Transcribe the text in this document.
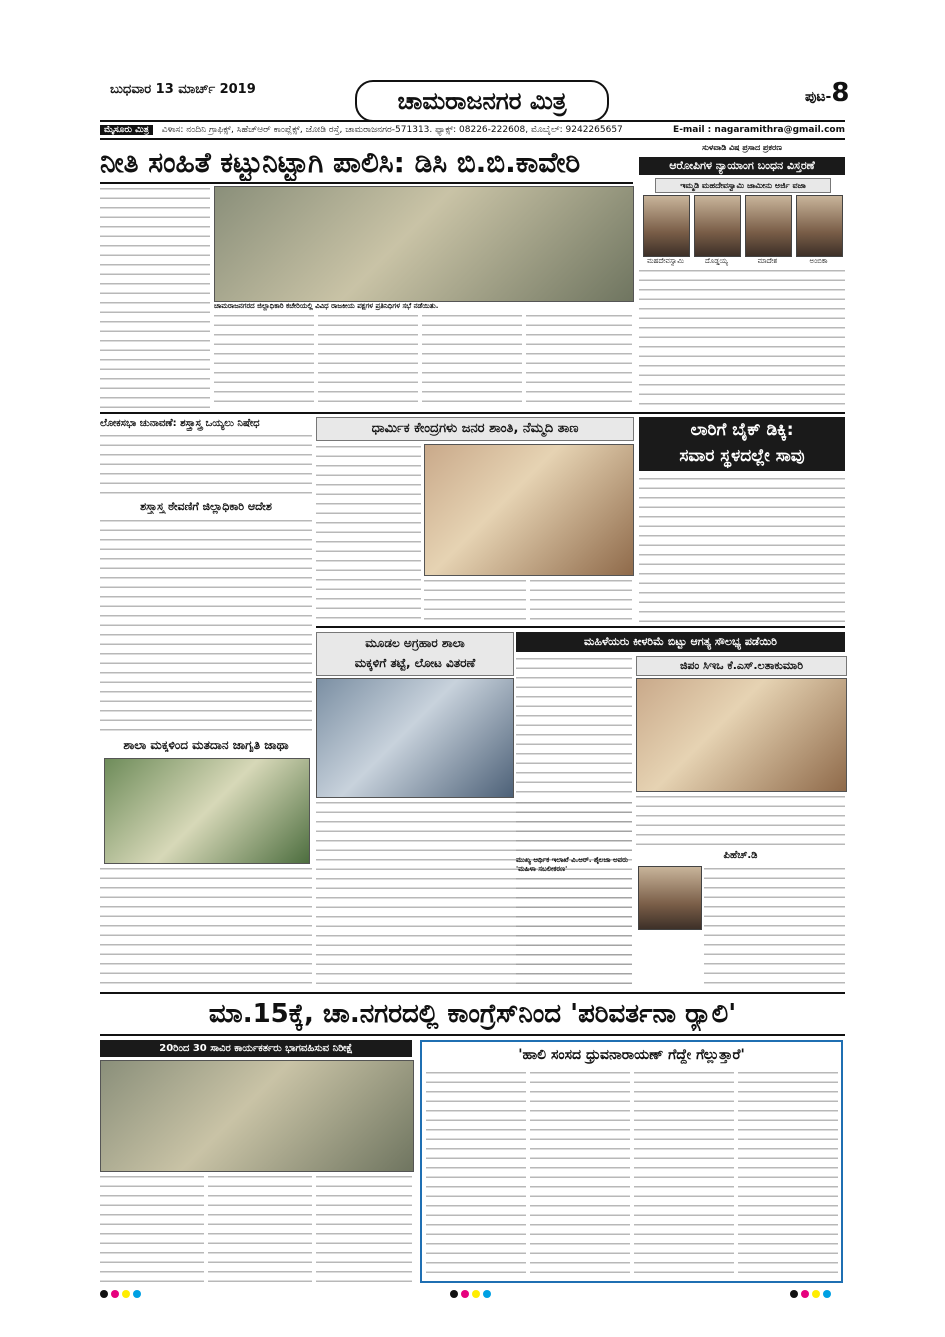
ಬುಧವಾರ 13 ಮಾರ್ಚ್ 2019	ಚಾಮರಾಜನಗರ ಮಿತ್ರ	ಪುಟ-8
ಮೈಸೂರು ಮಿತ್ರ ವಿಳಾಸ: ನಂದಿನಿ ಗ್ರಾಫಿಕ್ಸ್, ಸಿಹೆಚ್‌ಆರ್ ಕಾಂಪ್ಲೆಕ್ಸ್, ಜೋಡಿ ರಸ್ತೆ, ಚಾಮರಾಜನಗರ-571313. ಫ್ಯಾಕ್ಸ್: 08226-222608, ಮೊಬೈಲ್: 9242265657	E-mail : nagaramithra@gmail.com
ನೀತಿ ಸಂಹಿತೆ ಕಟ್ಟುನಿಟ್ಟಾಗಿ ಪಾಲಿಸಿ: ಡಿಸಿ ಬಿ.ಬಿ.ಕಾವೇರಿ
ಚಾಮರಾಜನಗರದ ಜಿಲ್ಲಾಧಿಕಾರಿ ಕಚೇರಿಯಲ್ಲಿ ವಿವಿಧ ರಾಜಕೀಯ ಪಕ್ಷಗಳ ಪ್ರತಿನಿಧಿಗಳ ಸಭೆ ನಡೆಯಿತು.
ಸುಳವಾಡಿ ವಿಷ ಪ್ರಸಾದ ಪ್ರಕರಣ
ಆರೋಪಿಗಳ ನ್ಯಾಯಾಂಗ ಬಂಧನ ವಿಸ್ತರಣೆ
ಇಮ್ಮಡಿ ಮಹದೇವಸ್ವಾಮಿ ಜಾಮೀನು ಅರ್ಜಿ ವಜಾ
ಮಹದೇವಸ್ವಾಮಿ	ದೊಡ್ಡಯ್ಯ	ಮಾದೇಶ	ಅಂಬಿಕಾ
ಲೋಕಸಭಾ ಚುನಾವಣೆ: ಶಸ್ತ್ರಾಸ್ತ್ರ ಒಯ್ಯಲು ನಿಷೇಧ
ಶಸ್ತ್ರಾಸ್ತ್ರ ಠೇವಣಿಗೆ ಜಿಲ್ಲಾಧಿಕಾರಿ ಆದೇಶ
ಧಾರ್ಮಿಕ ಕೇಂದ್ರಗಳು ಜನರ ಶಾಂತಿ, ನೆಮ್ಮದಿ ತಾಣ	ಲಾರಿಗೆ ಬೈಕ್ ಡಿಕ್ಕಿ:
ಸವಾರ ಸ್ಥಳದಲ್ಲೇ ಸಾವು
ಮೂಡಲ ಅಗ್ರಹಾರ ಶಾಲಾ
ಮಕ್ಕಳಿಗೆ ತಟ್ಟೆ, ಲೋಟ ವಿತರಣೆ
ಮಹಿಳೆಯರು ಕೀಳರಿಮೆ ಬಿಟ್ಟು ಆಗತ್ಯ ಸೌಲಭ್ಯ ಪಡೆಯಿರಿ
ಜಿಪಂ ಸಿಇಒ ಕೆ.ಎಸ್.ಲತಾಕುಮಾರಿ
ಮುಖ್ಯ ಆರ್ಥಿಕ ಇಲಾಖೆ ವಿ.ಆರ್. ಶೈಲಜಾ ಅವರು 'ಮಹಿಳಾ ಸಬಲೀಕರಣ'
ಪಿಹೆಚ್.ಡಿ
ಶಾಲಾ ಮಕ್ಕಳಿಂದ ಮತದಾನ ಜಾಗೃತಿ ಜಾಥಾ
ಮಾ.15ಕ್ಕೆ, ಚಾ.ನಗರದಲ್ಲಿ ಕಾಂಗ್ರೆಸ್‌ನಿಂದ 'ಪರಿವರ್ತನಾ ರ್‍ಯಾಲಿ'
20ರಿಂದ 30 ಸಾವಿರ ಕಾರ್ಯಕರ್ತರು ಭಾಗವಹಿಸುವ ನಿರೀಕ್ಷೆ	'ಹಾಲಿ ಸಂಸದ ಧ್ರುವನಾರಾಯಣ್ ಗೆದ್ದೇ ಗೆಲ್ಲುತ್ತಾರೆ'
